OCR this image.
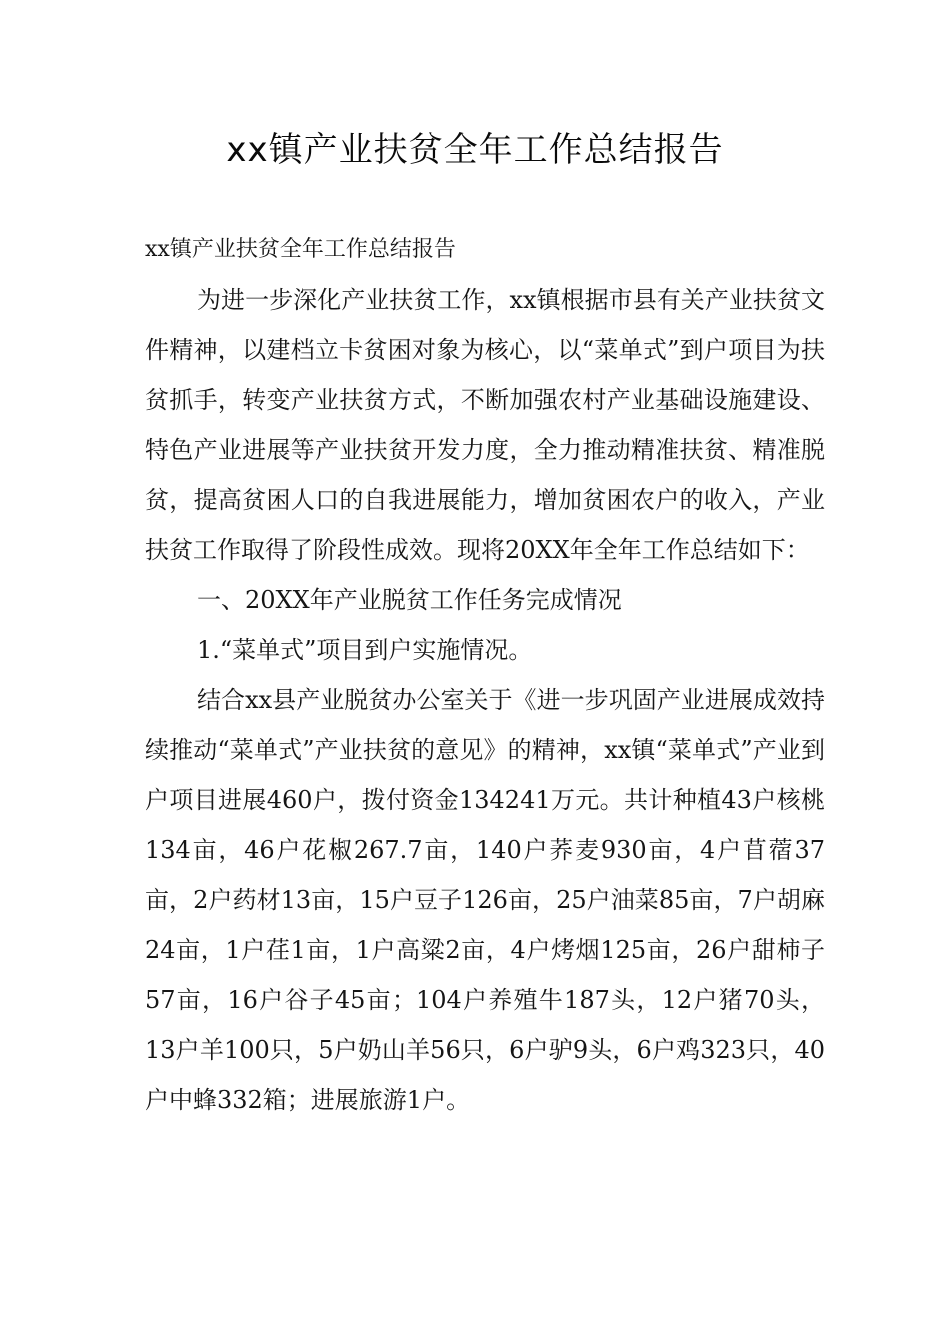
xx镇产业扶贫全年工作总结报告

xx镇产业扶贫全年工作总结报告

为进一步深化产业扶贫工作，xx镇根据市县有关产业扶贫文件精神，以建档立卡贫困对象为核心，以“菜单式”到户项目为扶贫抓手，转变产业扶贫方式，不断加强农村产业基础设施建设、特色产业进展等产业扶贫开发力度，全力推动精准扶贫、精准脱贫，提高贫困人口的自我进展能力，增加贫困农户的收入，产业扶贫工作取得了阶段性成效。现将20XX年全年工作总结如下：

一、20XX年产业脱贫工作任务完成情况

1.“菜单式”项目到户实施情况。

结合xx县产业脱贫办公室关于《进一步巩固产业进展成效持续推动“菜单式”产业扶贫的意见》的精神，xx镇“菜单式”产业到户项目进展460户，拨付资金134241万元。共计种植43户核桃134亩，46户花椒267.7亩，140户荞麦930亩，4户苜蓿37亩，2户药材13亩，15户豆子126亩，25户油菜85亩，7户胡麻24亩，1户荏1亩，1户高粱2亩，4户烤烟125亩，26户甜柿子57亩，16户谷子45亩；104户养殖牛187头，12户猪70头，13户羊100只，5户奶山羊56只，6户驴9头，6户鸡323只，40户中蜂332箱；进展旅游1户。
